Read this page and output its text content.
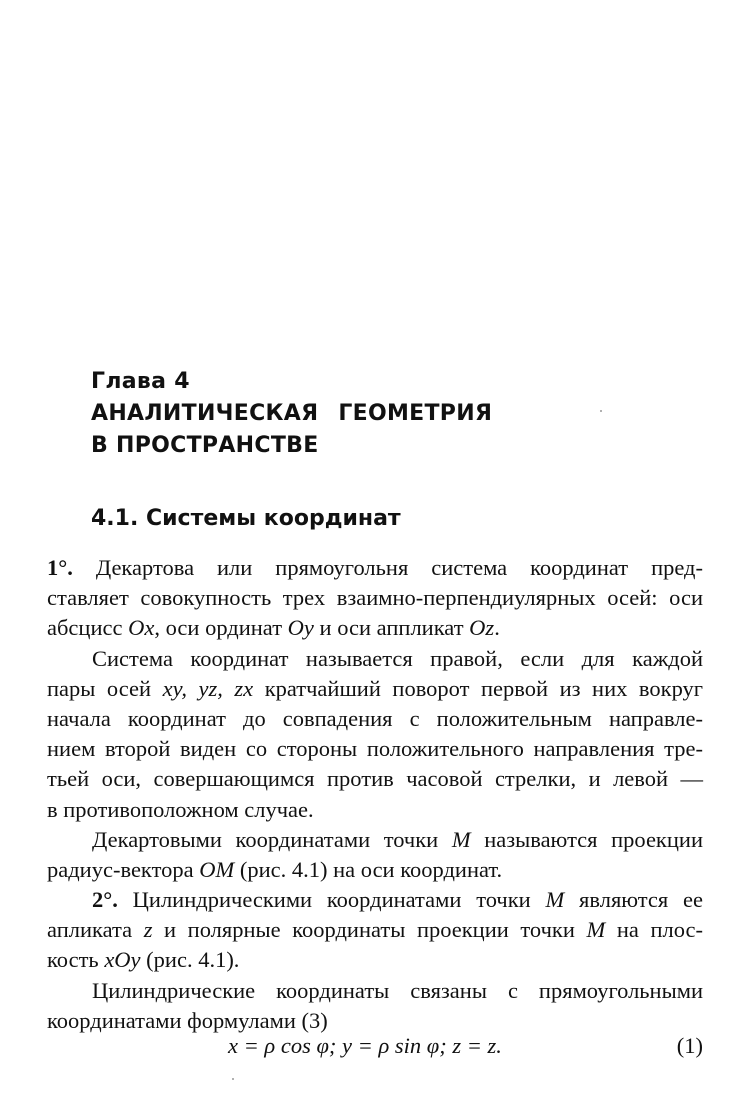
Глава 4
АНАЛИТИЧЕСКАЯ ГЕОМЕТРИЯ
В ПРОСТРАНСТВЕ
4.1. Системы координат
1°. Декартова или прямоугольня система координат пред-
ставляет совокупность трех взаимно-перпендиулярных осей: оси
абсцисс Ox, оси ординат Oy и оси аппликат Oz.
Система координат называется правой, если для каждой
пары осей xy, yz, zx кратчайший поворот первой из них вокруг
начала координат до совпадения с положительным направле-
нием второй виден со стороны положительного направления тре-
тьей оси, совершающимся против часовой стрелки, и левой —
в противоположном случае.
Декартовыми координатами точки M называются проекции
радиус-вектора OM (рис. 4.1) на оси координат.
2°. Цилиндрическими координатами точки M являются ее
апликата z и полярные координаты проекции точки M на плос-
кость xOy (рис. 4.1).
Цилиндрические координаты связаны с прямоугольными
координатами формулами (3)
x = ρ cos φ; y = ρ sin φ; z = z.	(1)
